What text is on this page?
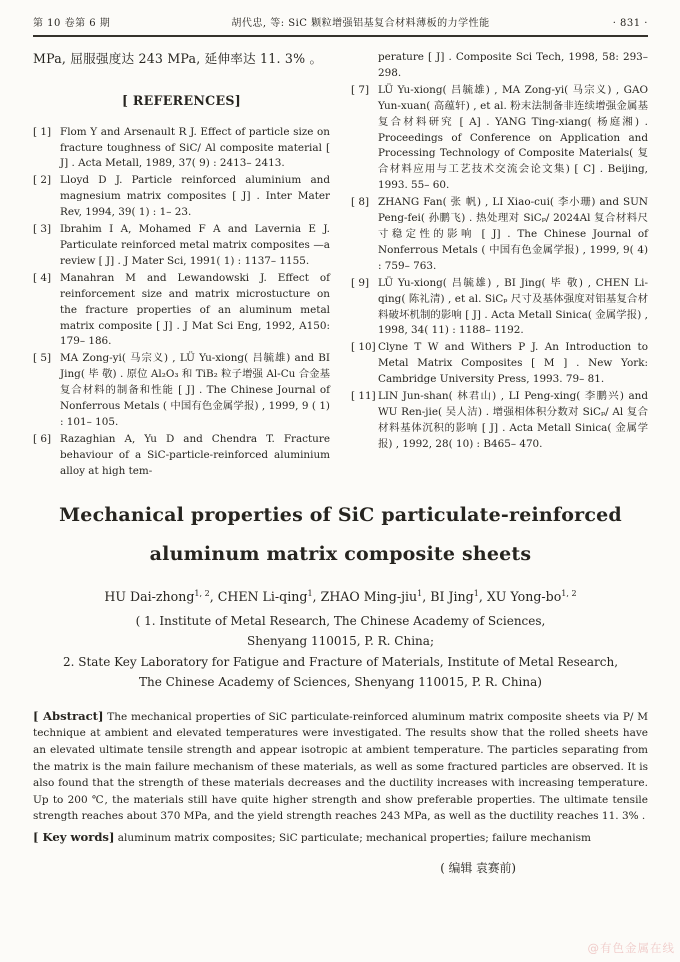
第 10 卷第 6 期	胡代忠, 等: SiC 颗粒增强铝基复合材料薄板的力学性能	· 831 ·

MPa, 屈服强度达 243 MPa, 延伸率达 11. 3% 。

[ REFERENCES]
[ 1] Flom Y and Arsenault R J. Effect of particle size on fracture toughness of SiC/ Al composite material [ J] . Acta Metall, 1989, 37( 9) : 2413– 2413.
[ 2] Lloyd D J. Particle reinforced aluminium and magnesium matrix composites [ J] . Inter Mater Rev, 1994, 39( 1) : 1– 23.
[ 3] Ibrahim I A, Mohamed F A and Lavernia E J. Particulate reinforced metal matrix composites —a review [ J] . J Mater Sci, 1991( 1) : 1137– 1155.
[ 4] Manahran M and Lewandowski J. Effect of reinforcement size and matrix microstucture on the fracture properties of an aluminum metal matrix composite [ J] . J Mat Sci Eng, 1992, A150: 179– 186.
[ 5] MA Zong-yi( 马宗义) , LÜ Yu-xiong( 吕毓雄) and BI Jing( 毕 敬) . 原位 Al₂O₃ 和 TiB₂ 粒子增强 Al-Cu 合金基复合材料的制备和性能 [ J] . The Chinese Journal of Nonferrous Metals ( 中国有色金属学报) , 1999, 9 ( 1) : 101– 105.
[ 6] Razaghian A, Yu D and Chendra T. Fracture behaviour of a SiC-particle-reinforced aluminium alloy at high tem-
perature [ J] . Composite Sci Tech, 1998, 58: 293– 298.
[ 7] LÜ Yu-xiong( 吕毓雄) , MA Zong-yi( 马宗义) , GAO Yun-xuan( 高蕴轩) , et al. 粉末法制备非连续增强金属基复合材料研究 [ A] . YANG Ting-xiang( 杨庭湘) . Proceedings of Conference on Application and Processing Technology of Composite Materials( 复合材料应用与工艺技术交流会论文集) [ C] . Beijing, 1993. 55– 60.
[ 8] ZHANG Fan( 张 帆) , LI Xiao-cui( 李小珊) and SUN Peng-fei( 孙鹏飞) . 热处理对 SiCₚ/ 2024Al 复合材料尺寸稳定性的影响 [ J] . The Chinese Journal of Nonferrous Metals ( 中国有色金属学报) , 1999, 9( 4) : 759– 763.
[ 9] LÜ Yu-xiong( 吕毓雄) , BI Jing( 毕 敬) , CHEN Li-qing( 陈礼清) , et al. SiCₚ 尺寸及基体强度对铝基复合材料破坏机制的影响 [ J] . Acta Metall Sinica( 金属学报) , 1998, 34( 11) : 1188– 1192.
[ 10] Clyne T W and Withers P J. An Introduction to Metal Matrix Composites [ M ] . New York: Cambridge University Press, 1993. 79– 81.
[ 11] LIN Jun-shan( 林君山) , LI Peng-xing( 李鹏兴) and WU Ren-jie( 吴人洁) . 增强相体积分数对 SiCₚ/ Al 复合材料基体沉积的影响 [ J] . Acta Metall Sinica( 金属学报) , 1992, 28( 10) : B465– 470.
Mechanical properties of SiC particulate-reinforced
aluminum matrix composite sheets

HU Dai-zhong$^{1, 2}$, CHEN Li-qing$^1$, ZHAO Ming-jiu$^1$, BI Jing$^1$, XU Yong-bo$^{1, 2}$

( 1. Institute of Metal Research, The Chinese Academy of Sciences,
Shenyang 110015, P. R. China;
2. State Key Laboratory for Fatigue and Fracture of Materials, Institute of Metal Research,
The Chinese Academy of Sciences, Shenyang 110015, P. R. China)

[ Abstract] The mechanical properties of SiC particulate-reinforced aluminum matrix composite sheets via P/ M technique at ambient and elevated temperatures were investigated. The results show that the rolled sheets have an elevated ultimate tensile strength and appear isotropic at ambient temperature. The particles separating from the matrix is the main failure mechanism of these materials, as well as some fractured particles are observed. It is also found that the strength of these materials decreases and the ductility increases with increasing temperature. Up to 200 ℃, the materials still have quite higher strength and show preferable properties. The ultimate tensile strength reaches about 370 MPa, and the yield strength reaches 243 MPa, as well as the ductility reaches 11. 3% .

[ Key words] aluminum matrix composites; SiC particulate; mechanical properties; failure mechanism

( 编辑 袁赛前)

@有色金属在线
